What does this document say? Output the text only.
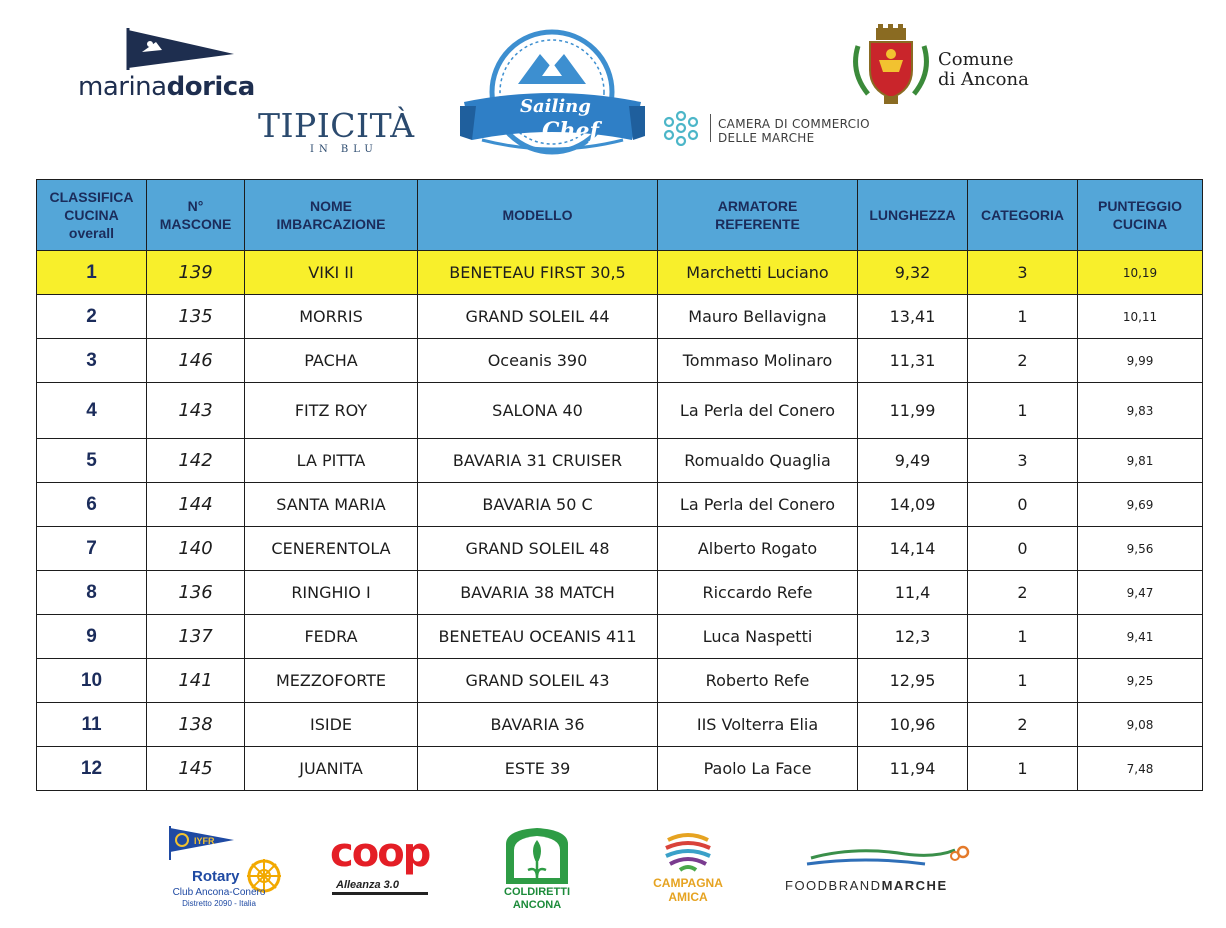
marinadorica
TIPICITÀ
IN BLU
Sailing
Chef	CAMERA DI COMMERCIO
DELLE MARCHE
Comune
di Ancona
CLASSIFICA
CUCINA
overall	N°
MASCONE	NOME
IMBARCAZIONE	MODELLO	ARMATORE
REFERENTE	LUNGHEZZA	CATEGORIA	PUNTEGGIO
CUCINA
1	139	VIKI II	BENETEAU FIRST 30,5	Marchetti Luciano	9,32	3	10,19
2	135	MORRIS	GRAND SOLEIL 44	Mauro Bellavigna	13,41	1	10,11
3	146	PACHA	Oceanis 390	Tommaso Molinaro	11,31	2	9,99
4	143	FITZ ROY	SALONA 40	La Perla del Conero	11,99	1	9,83
5	142	LA PITTA	BAVARIA 31 CRUISER	Romualdo Quaglia	9,49	3	9,81
6	144	SANTA MARIA	BAVARIA 50 C	La Perla del Conero	14,09	0	9,69
7	140	CENERENTOLA	GRAND SOLEIL 48	Alberto Rogato	14,14	0	9,56
8	136	RINGHIO I	BAVARIA 38 MATCH	Riccardo Refe	11,4	2	9,47
9	137	FEDRA	BENETEAU OCEANIS 411	Luca Naspetti	12,3	1	9,41
10	141	MEZZOFORTE	GRAND SOLEIL 43	Roberto Refe	12,95	1	9,25
11	138	ISIDE	BAVARIA 36	IIS Volterra Elia	10,96	2	9,08
12	145	JUANITA	ESTE 39	Paolo La Face	11,94	1	7,48
IYFR
Rotary
Club Ancona-Conero
Distretto 2090 - Italia
coop
Alleanza 3.0
COLDIRETTI
ANCONA
CAMPAGNA
AMICA
FOODBRANDMARCHE
